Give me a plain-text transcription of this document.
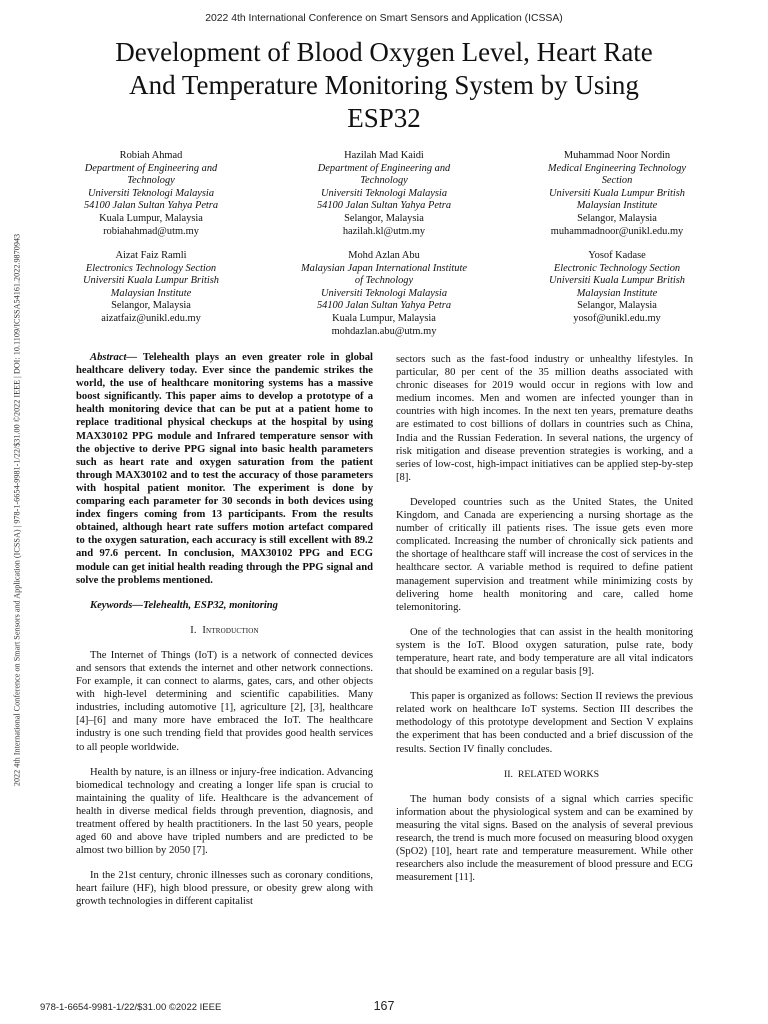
2022 4th International Conference on Smart Sensors and Application (ICSSA)
Development of Blood Oxygen Level, Heart Rate
And Temperature Monitoring System by Using
ESP32
2022 4th International Conference on Smart Sensors and Application (ICSSA) | 978-1-6654-9981-1/22/$31.00 ©2022 IEEE | DOI: 10.1109/ICSSA54161.2022.9870943
Robiah Ahmad
Department of Engineering and
Technology
Universiti Teknologi Malaysia
54100 Jalan Sultan Yahya Petra
Kuala Lumpur, Malaysia
robiahahmad@utm.my
Hazilah Mad Kaidi
Department of Engineering and
Technology
Universiti Teknologi Malaysia
54100 Jalan Sultan Yahya Petra
Selangor, Malaysia
hazilah.kl@utm.my
Muhammad Noor Nordin
Medical Engineering Technology
Section
Universiti Kuala Lumpur British
Malaysian Institute
Selangor, Malaysia
muhammadnoor@unikl.edu.my
Aizat Faiz Ramli
Electronics Technology Section
Universiti Kuala Lumpur British
Malaysian Institute
Selangor, Malaysia
aizatfaiz@unikl.edu.my
Mohd Azlan Abu
Malaysian Japan International Institute
of Technology
Universiti Teknologi Malaysia
54100 Jalan Sultan Yahya Petra
Kuala Lumpur, Malaysia
mohdazlan.abu@utm.my
Yosof Kadase
Electronic Technology Section
Universiti Kuala Lumpur British
Malaysian Institute
Selangor, Malaysia
yosof@unikl.edu.my

Abstract— Telehealth plays an even greater role in global healthcare delivery today. Ever since the pandemic strikes the world, the use of healthcare monitoring systems has a massive boost significantly. This paper aims to develop a prototype of a health monitoring device that can be put at a patient home to replace traditional physical checkups at the hospital by using MAX30102 PPG module and Infrared temperature sensor with the objective to derive PPG signal into basic health parameters such as heart rate and oxygen saturation from the patient through MAX30102 and to test the accuracy of those parameters with hospital patient monitor. The experiment is done by comparing each parameter for 30 seconds in both devices using index fingers coming from 13 participants. From the results obtained, although heart rate suffers motion artefact compared to the oxygen saturation, each accuracy is still excellent with 89.2 and 97.6 percent. In conclusion, MAX30102 PPG and ECG module can get initial health reading through the PPG signal and solve the problems mentioned.

Keywords—Telehealth, ESP32, monitoring

I. Introduction

The Internet of Things (IoT) is a network of connected devices and sensors that extends the internet and other network connections. For example, it can connect to alarms, gates, cars, and other objects with high-level determining and scientific capabilities. Many industries, including automotive [1], agriculture [2], [3], healthcare [4]–[6] and many more have embraced the IoT. The healthcare industry is one such trending field that provides good health services to all people worldwide.

Health by nature, is an illness or injury-free indication. Advancing biomedical technology and creating a longer life span is crucial to maintaining the quality of life. Healthcare is the advancement of health in diverse medical fields through prevention, diagnosis, and treatment offered by health practitioners. In the last 50 years, people aged 60 and above have tripled numbers and are predicted to be almost two billion by 2050 [7].

In the 21st century, chronic illnesses such as coronary conditions, heart failure (HF), high blood pressure, or obesity grew along with growth technologies in different capitalist

sectors such as the fast-food industry or unhealthy lifestyles. In particular, 80 per cent of the 35 million deaths associated with chronic diseases for 2019 would occur in regions with low and medium incomes. Men and women are infected younger than in countries with high incomes. In the next ten years, premature deaths are estimated to cost billions of dollars in countries such as China, India and the Russian Federation. In several nations, the urgency of risk mitigation and disease prevention strategies is working, and a series of low-cost, high-impact initiatives can be applied step-by-step [8].

Developed countries such as the United States, the United Kingdom, and Canada are experiencing a nursing shortage as the number of critically ill patients rises. The issue gets even more complicated. Increasing the number of chronically sick patients and the shortage of healthcare staff will increase the cost of services in the healthcare sector. A variable method is required to define patient management supervision and treatment while minimizing costs by delivering home health monitoring and care, called home telemonitoring.

One of the technologies that can assist in the health monitoring system is the IoT. Blood oxygen saturation, pulse rate, body temperature, heart rate, and body temperature are all vital indicators that should be examined on a regular basis [9].

This paper is organized as follows: Section II reviews the previous related work on healthcare IoT systems. Section III describes the methodology of this prototype development and Section V explains the experiment that has been conducted and a brief discussion of the results. Section IV finally concludes.

II. RELATED WORKS

The human body consists of a signal which carries specific information about the physiological system and can be examined by measuring the vital signs. Based on the analysis of several previous research, the trend is much more focused on measuring blood oxygen (SpO2) [10], heart rate and temperature measurement. While other researchers also include the measurement of blood pressure and ECG measurement [11].

978-1-6654-9981-1/22/$31.00 ©2022 IEEE	167
